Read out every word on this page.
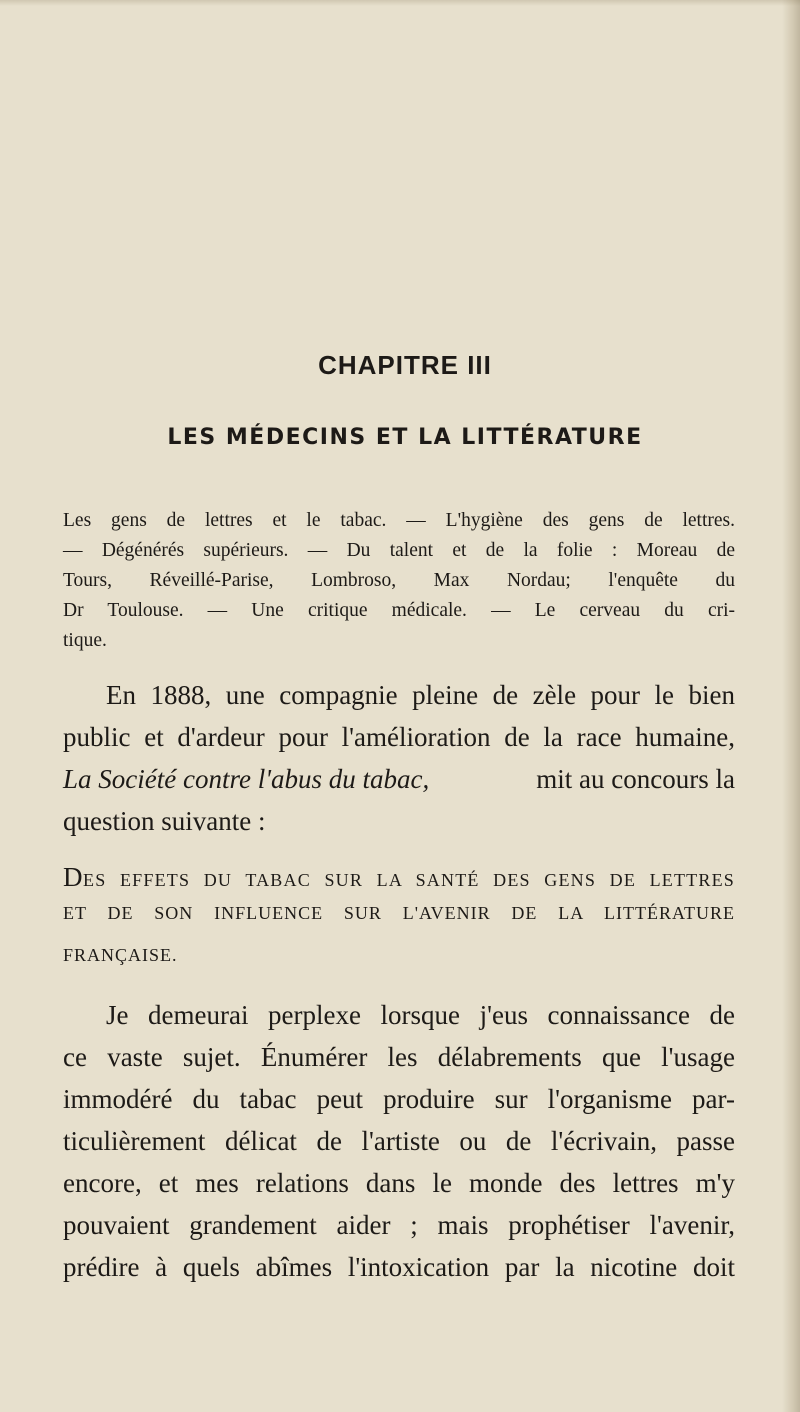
CHAPITRE III
LES MÉDECINS ET LA LITTÉRATURE

Les gens de lettres et le tabac. — L'hygiène des gens de lettres.

— Dégénérés supérieurs. — Du talent et de la folie : Moreau de

Tours, Réveillé-Parise, Lombroso, Max Nordau; l'enquête du

Dr Toulouse. — Une critique médicale. — Le cerveau du cri-

tique.

En 1888, une compagnie pleine de zèle pour le bien

public et d'ardeur pour l'amélioration de la race humaine,

La Société contre l'abus du tabac,	mit au concours la

question suivante :

D ES EFFETS DU TABAC SUR LA SANTÉ DES GENS DE LETTRES

ET DE SON INFLUENCE SUR L'AVENIR DE LA LITTÉRATURE

FRANÇAISE.

Je demeurai perplexe lorsque j'eus connaissance de

ce vaste sujet. Énumérer les délabrements que l'usage

immodéré du tabac peut produire sur l'organisme par-

ticulièrement délicat de l'artiste ou de l'écrivain, passe

encore, et mes relations dans le monde des lettres m'y

pouvaient grandement aider ; mais prophétiser l'avenir,

prédire à quels abîmes l'intoxication par la nicotine doit
